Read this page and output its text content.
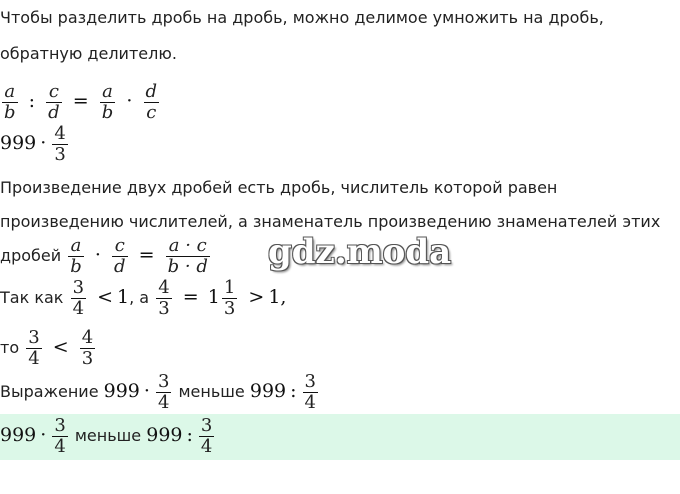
Чтобы разделить дробь на дробь, можно делимое умножить на дробь,
обратную делителю.
$\frac{a}{b}$ : $\frac{c}{d} = \frac{a}{b} \cdot \frac{d}{c}$
$999 \cdot \frac{4}{3}$
Произведение двух дробей есть дробь, числитель которой равен
произведению числителей, а знаменатель произведению знаменателей этих
дробей $\frac{a}{b} \cdot \frac{c}{d} = \frac{a \cdot c}{b \cdot d}$ gdz.moda
Так как $\frac{3}{4} < 1$, а $\frac{4}{3} = 1 \frac{1}{3} > 1$,
то $\frac{3}{4} < \frac{4}{3}$
Выражение $999 \cdot \frac{3}{4}$ меньше 999 : $\frac{3}{4}$
$999 \cdot \frac{3}{4}$ меньше 999 : $\frac{3}{4}$
